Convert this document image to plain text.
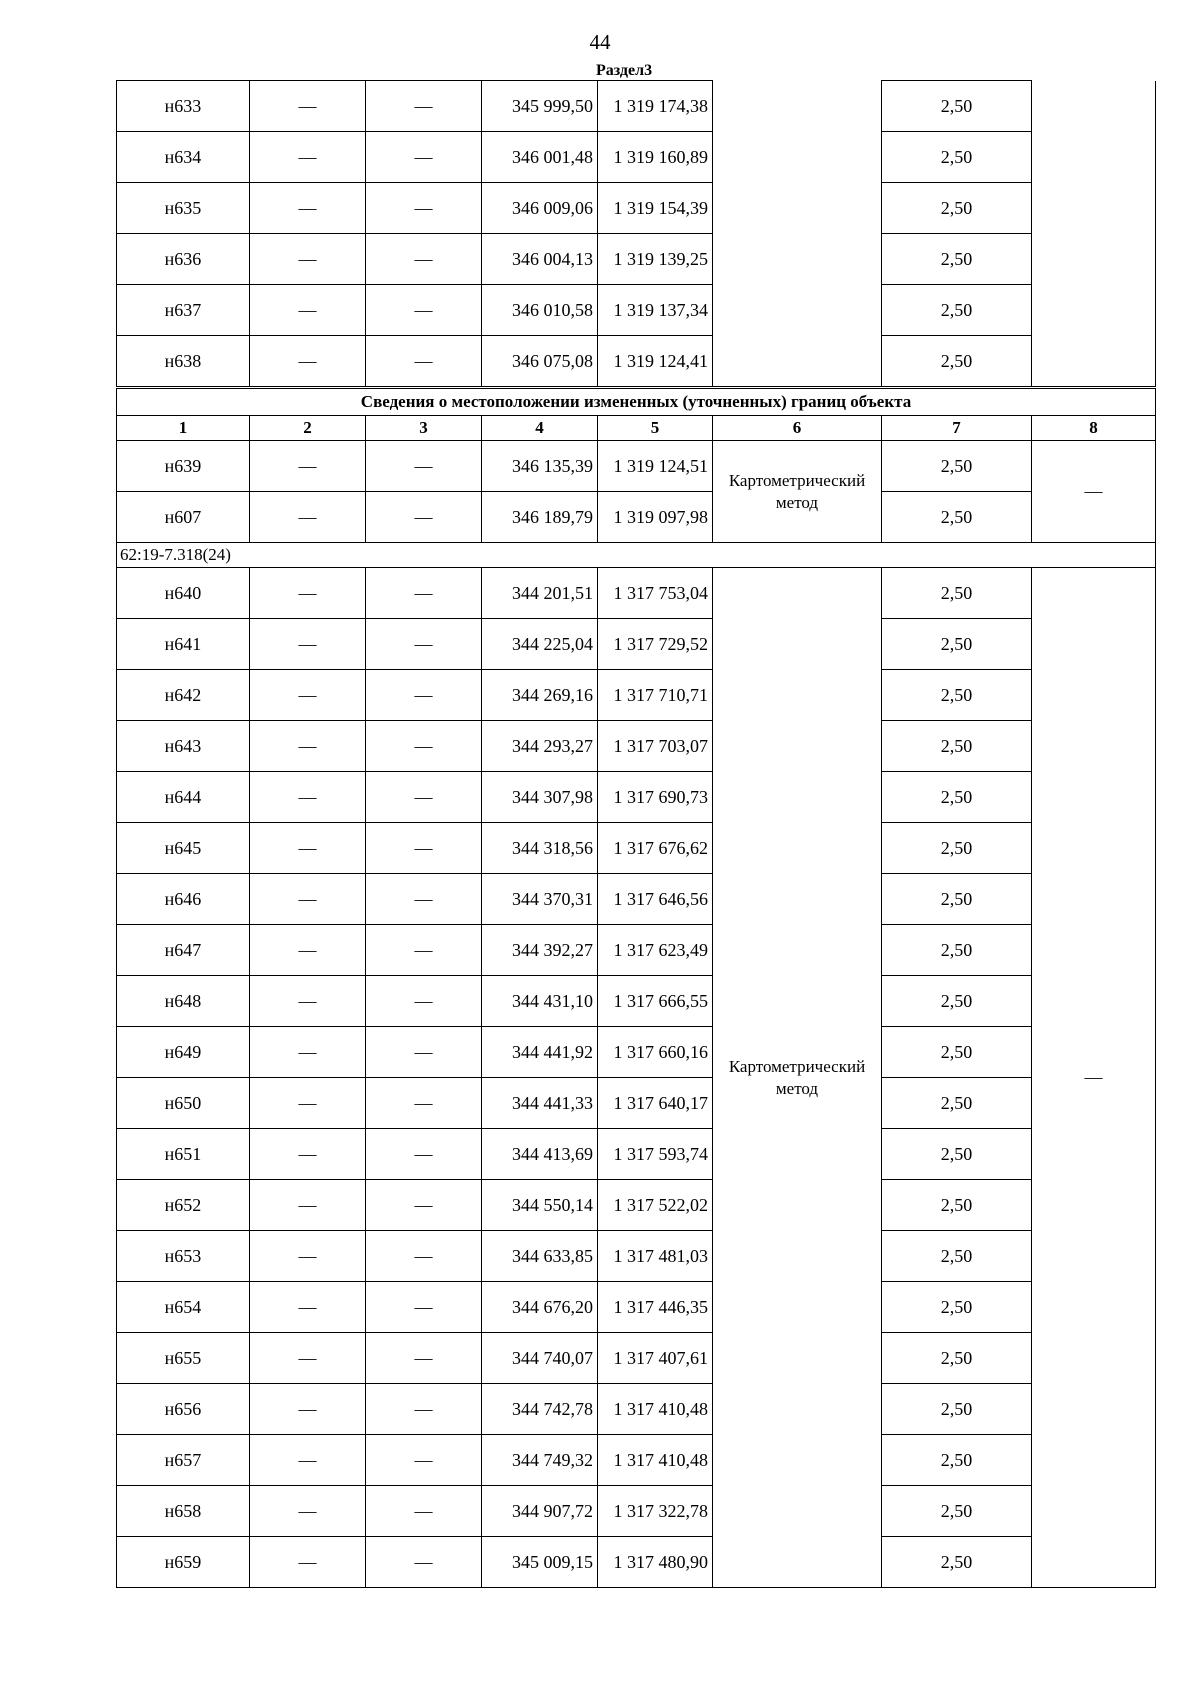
44
Раздел3
н633	—	—	345 999,50	1 319 174,38		2,50	
н634	—	—	346 001,48	1 319 160,89		2,50	
н635	—	—	346 009,06	1 319 154,39		2,50	
н636	—	—	346 004,13	1 319 139,25		2,50	
н637	—	—	346 010,58	1 319 137,34		2,50	
н638	—	—	346 075,08	1 319 124,41		2,50	
Сведения о местоположении измененных (уточненных) границ объекта							
1	2	3	4	5	6	7	8
н639	—	—	346 135,39	1 319 124,51	Картометрический метод	2,50	—
н607	—	—	346 189,79	1 319 097,98		2,50	
62:19-7.318(24)							
н640	—	—	344 201,51	1 317 753,04	Картометрический метод	2,50	—
н641	—	—	344 225,04	1 317 729,52		2,50	
н642	—	—	344 269,16	1 317 710,71		2,50	
н643	—	—	344 293,27	1 317 703,07		2,50	
н644	—	—	344 307,98	1 317 690,73		2,50	
н645	—	—	344 318,56	1 317 676,62		2,50	
н646	—	—	344 370,31	1 317 646,56		2,50	
н647	—	—	344 392,27	1 317 623,49		2,50	
н648	—	—	344 431,10	1 317 666,55		2,50	
н649	—	—	344 441,92	1 317 660,16		2,50	
н650	—	—	344 441,33	1 317 640,17		2,50	
н651	—	—	344 413,69	1 317 593,74		2,50	
н652	—	—	344 550,14	1 317 522,02		2,50	
н653	—	—	344 633,85	1 317 481,03		2,50	
н654	—	—	344 676,20	1 317 446,35		2,50	
н655	—	—	344 740,07	1 317 407,61		2,50	
н656	—	—	344 742,78	1 317 410,48		2,50	
н657	—	—	344 749,32	1 317 410,48		2,50	
н658	—	—	344 907,72	1 317 322,78		2,50	
н659	—	—	345 009,15	1 317 480,90		2,50	
